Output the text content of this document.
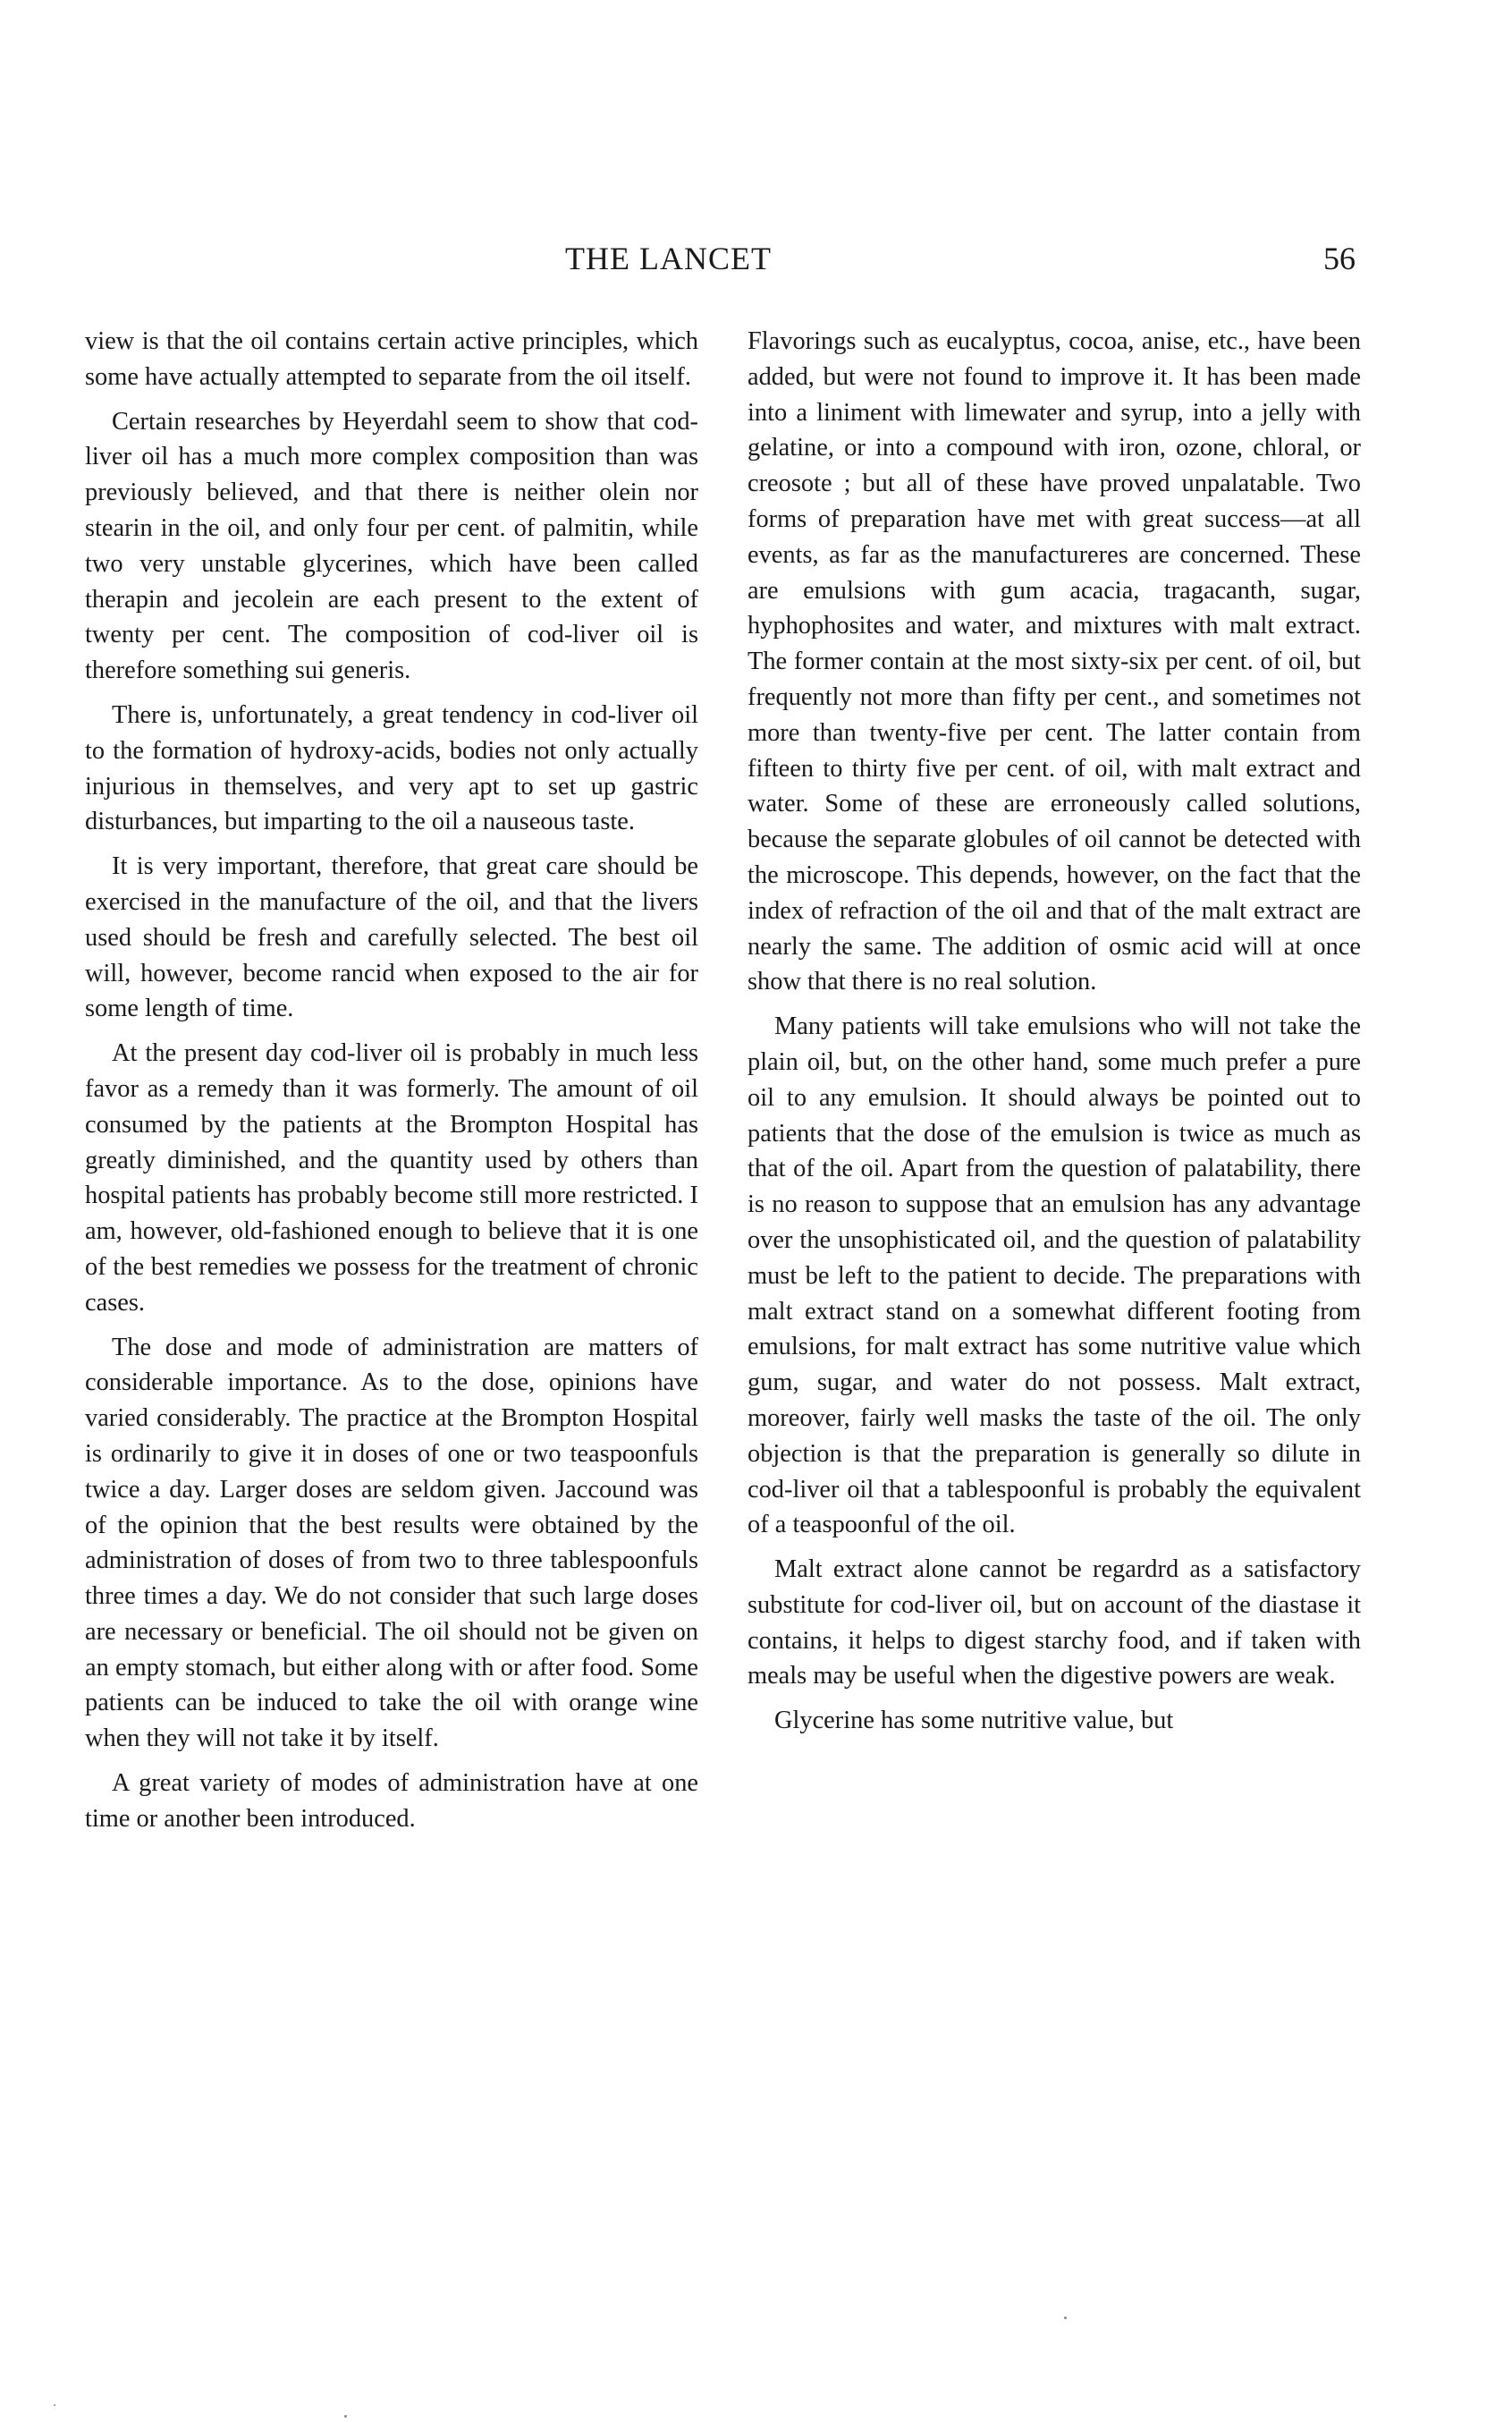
THE LANCET	56

view is that the oil contains certain active principles, which some have actually attempted to separate from the oil itself.

Certain researches by Heyerdahl seem to show that cod-liver oil has a much more complex composition than was previously believed, and that there is neither olein nor stearin in the oil, and only four per cent. of palmitin, while two very unstable glycerines, which have been called therapin and jecolein are each present to the extent of twenty per cent. The composition of cod-liver oil is therefore something sui generis.

There is, unfortunately, a great tendency in cod-liver oil to the formation of hydroxy-acids, bodies not only actually injurious in themselves, and very apt to set up gastric disturbances, but imparting to the oil a nauseous taste.

It is very important, therefore, that great care should be exercised in the manufacture of the oil, and that the livers used should be fresh and carefully selected. The best oil will, however, become rancid when exposed to the air for some length of time.

At the present day cod-liver oil is probably in much less favor as a remedy than it was formerly. The amount of oil consumed by the patients at the Brompton Hospital has greatly diminished, and the quantity used by others than hospital patients has probably become still more restricted. I am, however, old-fashioned enough to believe that it is one of the best remedies we possess for the treatment of chronic cases.

The dose and mode of administration are matters of considerable importance. As to the dose, opinions have varied considerably. The practice at the Brompton Hospital is ordinarily to give it in doses of one or two teaspoonfuls twice a day. Larger doses are seldom given. Jaccound was of the opinion that the best results were obtained by the administration of doses of from two to three tablespoonfuls three times a day. We do not consider that such large doses are necessary or beneficial. The oil should not be given on an empty stomach, but either along with or after food. Some patients can be induced to take the oil with orange wine when they will not take it by itself.

A great variety of modes of administration have at one time or another been introduced.

Flavorings such as eucalyptus, cocoa, anise, etc., have been added, but were not found to improve it. It has been made into a liniment with limewater and syrup, into a jelly with gelatine, or into a compound with iron, ozone, chloral, or creosote ; but all of these have proved unpalatable. Two forms of preparation have met with great success—at all events, as far as the manufactureres are concerned. These are emulsions with gum acacia, tragacanth, sugar, hyphophosites and water, and mixtures with malt extract. The former contain at the most sixty-six per cent. of oil, but frequently not more than fifty per cent., and sometimes not more than twenty-five per cent. The latter contain from fifteen to thirty five per cent. of oil, with malt extract and water. Some of these are erroneously called solutions, because the separate globules of oil cannot be detected with the microscope. This depends, however, on the fact that the index of refraction of the oil and that of the malt extract are nearly the same. The addition of osmic acid will at once show that there is no real solution.

Many patients will take emulsions who will not take the plain oil, but, on the other hand, some much prefer a pure oil to any emulsion. It should always be pointed out to patients that the dose of the emulsion is twice as much as that of the oil. Apart from the question of palatability, there is no reason to suppose that an emulsion has any advantage over the unsophisticated oil, and the question of palatability must be left to the patient to decide. The preparations with malt extract stand on a somewhat different footing from emulsions, for malt extract has some nutritive value which gum, sugar, and water do not possess. Malt extract, moreover, fairly well masks the taste of the oil. The only objection is that the preparation is generally so dilute in cod-liver oil that a tablespoonful is probably the equivalent of a teaspoonful of the oil.

Malt extract alone cannot be regardrd as a satisfactory substitute for cod-liver oil, but on account of the diastase it contains, it helps to digest starchy food, and if taken with meals may be useful when the digestive powers are weak.

Glycerine has some nutritive value, but
